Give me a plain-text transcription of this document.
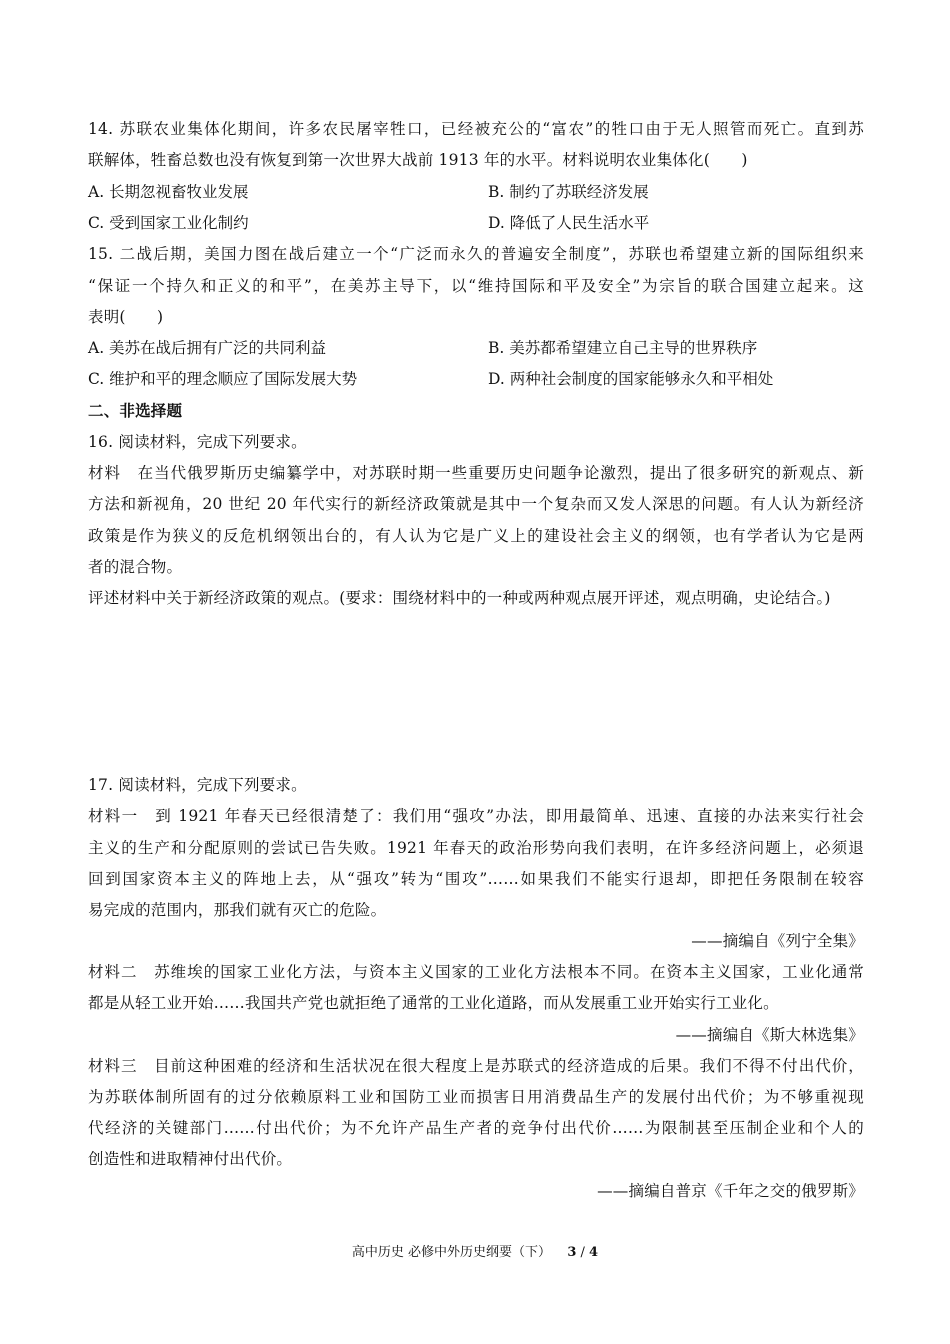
14. 苏联农业集体化期间，许多农民屠宰牲口，已经被充公的“富农”的牲口由于无人照管而死亡。直到苏
联解体，牲畜总数也没有恢复到第一次世界大战前 1913 年的水平。材料说明农业集体化(　　)
A. 长期忽视畜牧业发展	B. 制约了苏联经济发展
C. 受到国家工业化制约	D. 降低了人民生活水平
15. 二战后期，美国力图在战后建立一个“广泛而永久的普遍安全制度”，苏联也希望建立新的国际组织来
“保证一个持久和正义的和平”，在美苏主导下，以“维持国际和平及安全”为宗旨的联合国建立起来。这
表明(　　)
A. 美苏在战后拥有广泛的共同利益	B. 美苏都希望建立自己主导的世界秩序
C. 维护和平的理念顺应了国际发展大势	D. 两种社会制度的国家能够永久和平相处
二、非选择题
16. 阅读材料，完成下列要求。
材料　在当代俄罗斯历史编纂学中，对苏联时期一些重要历史问题争论激烈，提出了很多研究的新观点、新
方法和新视角，20 世纪 20 年代实行的新经济政策就是其中一个复杂而又发人深思的问题。有人认为新经济
政策是作为狭义的反危机纲领出台的，有人认为它是广义上的建设社会主义的纲领，也有学者认为它是两
者的混合物。
评述材料中关于新经济政策的观点。(要求：围绕材料中的一种或两种观点展开评述，观点明确，史论结合。)
17. 阅读材料，完成下列要求。
材料一　到 1921 年春天已经很清楚了：我们用“强攻”办法，即用最简单、迅速、直接的办法来实行社会
主义的生产和分配原则的尝试已告失败。1921 年春天的政治形势向我们表明，在许多经济问题上，必须退
回到国家资本主义的阵地上去，从“强攻”转为“围攻”……如果我们不能实行退却，即把任务限制在较容
易完成的范围内，那我们就有灭亡的危险。
——摘编自《列宁全集》
材料二　苏维埃的国家工业化方法，与资本主义国家的工业化方法根本不同。在资本主义国家，工业化通常
都是从轻工业开始……我国共产党也就拒绝了通常的工业化道路，而从发展重工业开始实行工业化。
——摘编自《斯大林选集》
材料三　目前这种困难的经济和生活状况在很大程度上是苏联式的经济造成的后果。我们不得不付出代价，
为苏联体制所固有的过分依赖原料工业和国防工业而损害日用消费品生产的发展付出代价；为不够重视现
代经济的关键部门……付出代价；为不允许产品生产者的竞争付出代价……为限制甚至压制企业和个人的
创造性和进取精神付出代价。
——摘编自普京《千年之交的俄罗斯》
高中历史 必修中外历史纲要（下） 3 / 4
